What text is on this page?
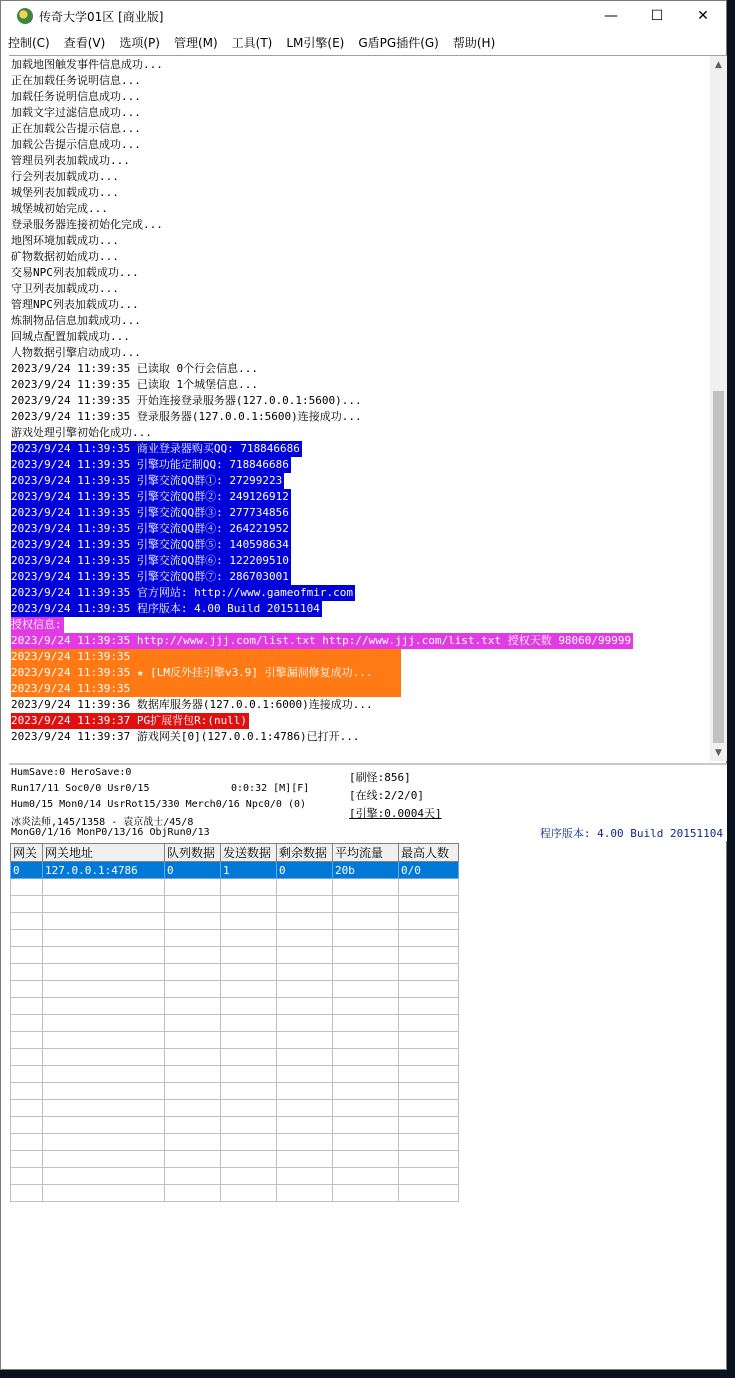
传奇大学01区 [商业版]	—	☐	✕
控制(C)	查看(V)	选项(P)	管理(M)	工具(T)	LM引擎(E)	G盾PG插件(G)	帮助(H)
加载地图触发事件信息成功...
正在加载任务说明信息...
加载任务说明信息成功...
加载文字过滤信息成功...
正在加载公告提示信息...
加载公告提示信息成功...
管理员列表加载成功...
行会列表加载成功...
城堡列表加载成功...
城堡城初始完成...
登录服务器连接初始化完成...
地图环境加载成功...
矿物数据初始成功...
交易NPC列表加载成功...
守卫列表加载成功...
管理NPC列表加载成功...
炼制物品信息加载成功...
回城点配置加载成功...
人物数据引擎启动成功...
2023/9/24 11:39:35 已读取 0个行会信息...
2023/9/24 11:39:35 已读取 1个城堡信息...
2023/9/24 11:39:35 开始连接登录服务器(127.0.0.1:5600)...
2023/9/24 11:39:35 登录服务器(127.0.0.1:5600)连接成功...
游戏处理引擎初始化成功...
2023/9/24 11:39:35 商业登录器购买QQ: 718846686
2023/9/24 11:39:35 引擎功能定制QQ: 718846686
2023/9/24 11:39:35 引擎交流QQ群①: 27299223
2023/9/24 11:39:35 引擎交流QQ群②: 249126912
2023/9/24 11:39:35 引擎交流QQ群③: 277734856
2023/9/24 11:39:35 引擎交流QQ群④: 264221952
2023/9/24 11:39:35 引擎交流QQ群⑤: 140598634
2023/9/24 11:39:35 引擎交流QQ群⑥: 122209510
2023/9/24 11:39:35 引擎交流QQ群⑦: 286703001
2023/9/24 11:39:35 官方网站: http://www.gameofmir.com
2023/9/24 11:39:35 程序版本: 4.00 Build 20151104
授权信息:
2023/9/24 11:39:35 http://www.jjj.com/list.txt http://www.jjj.com/list.txt 授权天数 98060/99999
2023/9/24 11:39:35
2023/9/24 11:39:35 ★ [LM反外挂引擎v3.9] 引擎漏洞修复成功...
2023/9/24 11:39:35
2023/9/24 11:39:36 数据库服务器(127.0.0.1:6000)连接成功...
2023/9/24 11:39:37 PG扩展背包R:(null)
2023/9/24 11:39:37 游戏网关[0](127.0.0.1:4786)已打开...
▲
▼
HumSave:0 HeroSave:0
Run17/11 Soc0/0 Usr0/15	0:0:32 [M][F]
Hum0/15 Mon0/14 UsrRot15/330 Merch0/16 Npc0/0 (0)
冰炎法师,145/1358 - 袁京战士/45/8
MonG0/1/16 MonP0/13/16 ObjRun0/13
[刷怪:856]
[在线:2/2/0]
[引擎:0.0004天]
程序版本: 4.00 Build 20151104
网关	网关地址	队列数据	发送数据	剩余数据	平均流量	最高人数
0	127.0.0.1:4786	0	1	0	20b	0/0
